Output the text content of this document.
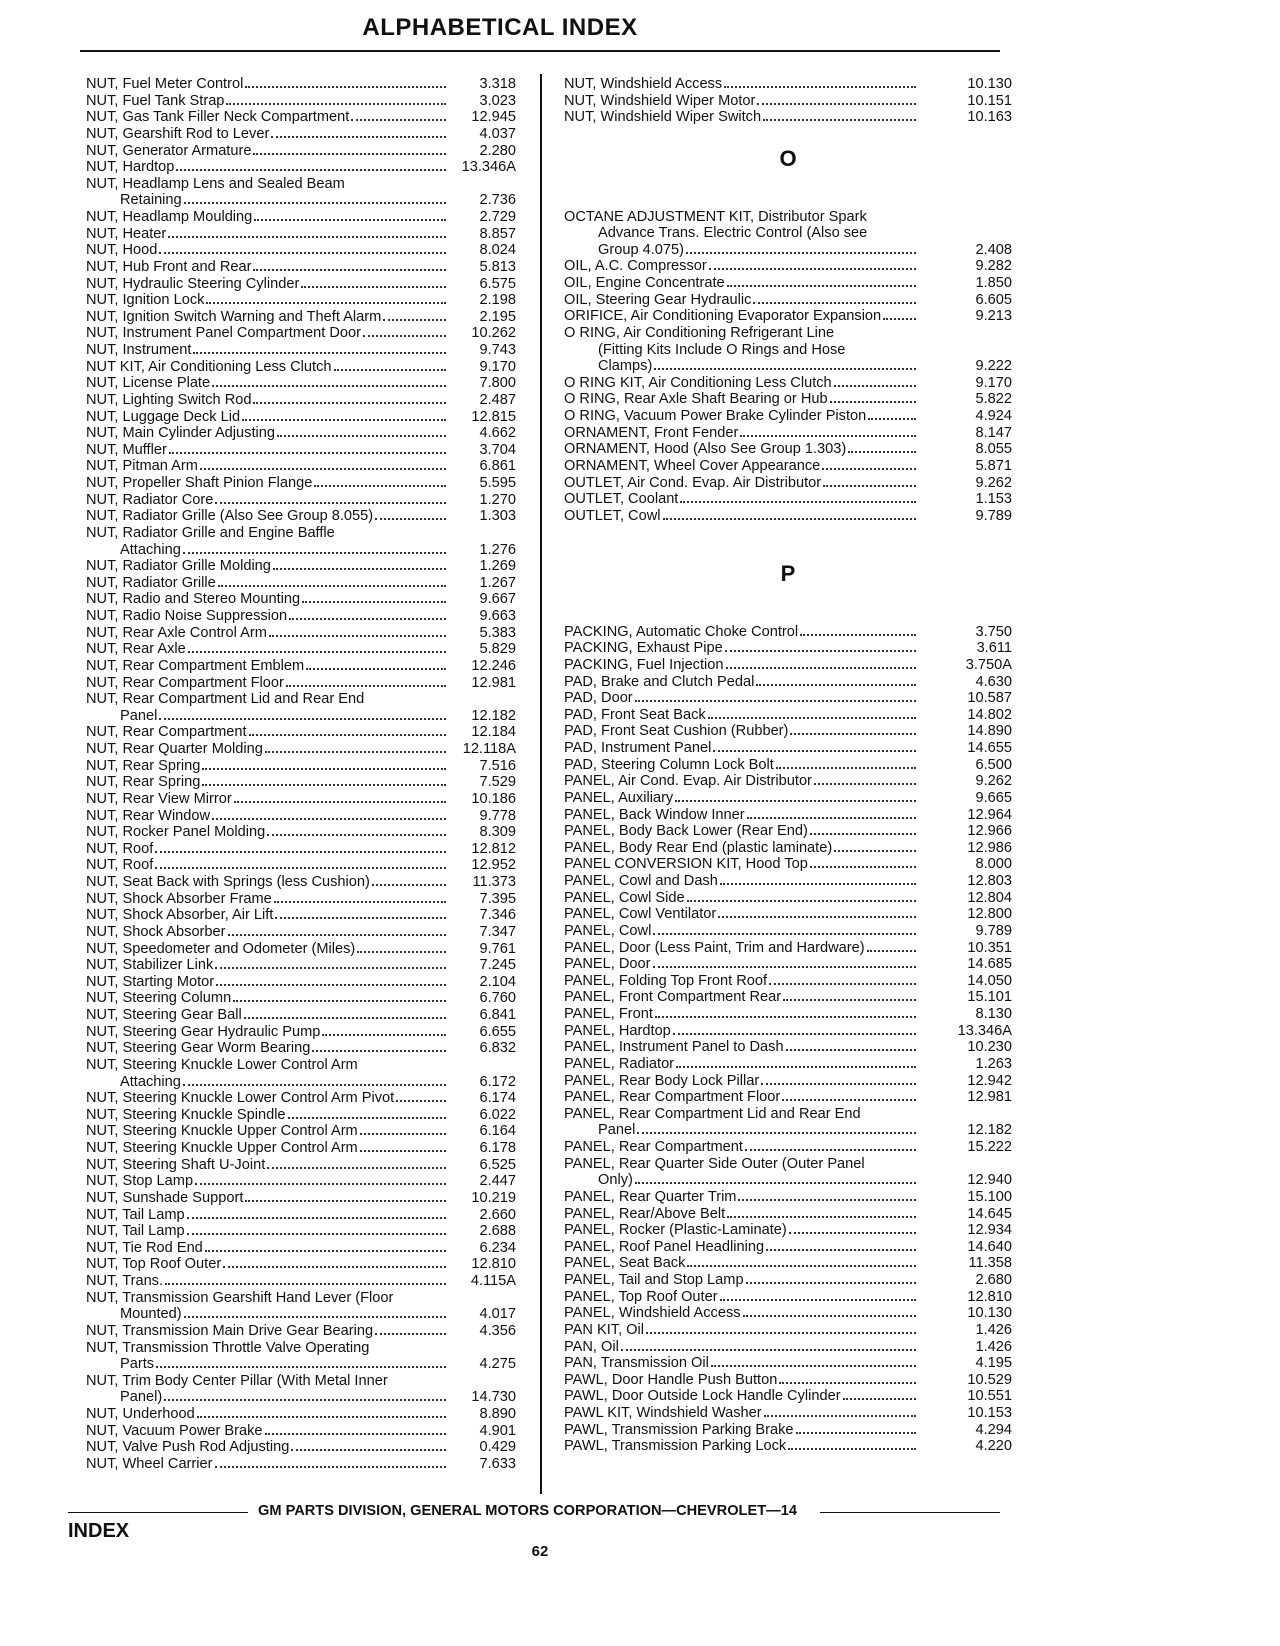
ALPHABETICAL INDEX
NUT, Fuel Meter Control	3.318
NUT, Fuel Tank Strap	3.023
NUT, Gas Tank Filler Neck Compartment	12.945
NUT, Gearshift Rod to Lever	4.037
NUT, Generator Armature	2.280
NUT, Hardtop	13.346A
NUT, Headlamp Lens and Sealed Beam
Retaining	2.736
NUT, Headlamp Moulding	2.729
NUT, Heater	8.857
NUT, Hood	8.024
NUT, Hub Front and Rear	5.813
NUT, Hydraulic Steering Cylinder	6.575
NUT, Ignition Lock	2.198
NUT, Ignition Switch Warning and Theft Alarm	2.195
NUT, Instrument Panel Compartment Door	10.262
NUT, Instrument	9.743
NUT KIT, Air Conditioning Less Clutch	9.170
NUT, License Plate	7.800
NUT, Lighting Switch Rod	2.487
NUT, Luggage Deck Lid	12.815
NUT, Main Cylinder Adjusting	4.662
NUT, Muffler	3.704
NUT, Pitman Arm	6.861
NUT, Propeller Shaft Pinion Flange	5.595
NUT, Radiator Core	1.270
NUT, Radiator Grille (Also See Group 8.055)	1.303
NUT, Radiator Grille and Engine Baffle
Attaching	1.276
NUT, Radiator Grille Molding	1.269
NUT, Radiator Grille	1.267
NUT, Radio and Stereo Mounting	9.667
NUT, Radio Noise Suppression	9.663
NUT, Rear Axle Control Arm	5.383
NUT, Rear Axle	5.829
NUT, Rear Compartment Emblem	12.246
NUT, Rear Compartment Floor	12.981
NUT, Rear Compartment Lid and Rear End
Panel	12.182
NUT, Rear Compartment	12.184
NUT, Rear Quarter Molding	12.118A
NUT, Rear Spring	7.516
NUT, Rear Spring	7.529
NUT, Rear View Mirror	10.186
NUT, Rear Window	9.778
NUT, Rocker Panel Molding	8.309
NUT, Roof	12.812
NUT, Roof	12.952
NUT, Seat Back with Springs (less Cushion)	11.373
NUT, Shock Absorber Frame	7.395
NUT, Shock Absorber, Air Lift	7.346
NUT, Shock Absorber	7.347
NUT, Speedometer and Odometer (Miles)	9.761
NUT, Stabilizer Link	7.245
NUT, Starting Motor	2.104
NUT, Steering Column	6.760
NUT, Steering Gear Ball	6.841
NUT, Steering Gear Hydraulic Pump	6.655
NUT, Steering Gear Worm Bearing	6.832
NUT, Steering Knuckle Lower Control Arm
Attaching	6.172
NUT, Steering Knuckle Lower Control Arm Pivot	6.174
NUT, Steering Knuckle Spindle	6.022
NUT, Steering Knuckle Upper Control Arm	6.164
NUT, Steering Knuckle Upper Control Arm	6.178
NUT, Steering Shaft U-Joint	6.525
NUT, Stop Lamp	2.447
NUT, Sunshade Support	10.219
NUT, Tail Lamp	2.660
NUT, Tail Lamp	2.688
NUT, Tie Rod End	6.234
NUT, Top Roof Outer	12.810
NUT, Trans.	4.115A
NUT, Transmission Gearshift Hand Lever (Floor
Mounted)	4.017
NUT, Transmission Main Drive Gear Bearing	4.356
NUT, Transmission Throttle Valve Operating
Parts	4.275
NUT, Trim Body Center Pillar (With Metal Inner
Panel)	14.730
NUT, Underhood	8.890
NUT, Vacuum Power Brake	4.901
NUT, Valve Push Rod Adjusting	0.429
NUT, Wheel Carrier	7.633
NUT, Windshield Access	10.130
NUT, Windshield Wiper Motor	10.151
NUT, Windshield Wiper Switch	10.163
O
OCTANE ADJUSTMENT KIT, Distributor Spark
Advance Trans. Electric Control (Also see
Group 4.075)	2.408
OIL, A.C. Compressor	9.282
OIL, Engine Concentrate	1.850
OIL, Steering Gear Hydraulic	6.605
ORIFICE, Air Conditioning Evaporator Expansion	9.213
O RING, Air Conditioning Refrigerant Line
(Fitting Kits Include O Rings and Hose
Clamps)	9.222
O RING KIT, Air Conditioning Less Clutch	9.170
O RING, Rear Axle Shaft Bearing or Hub	5.822
O RING, Vacuum Power Brake Cylinder Piston	4.924
ORNAMENT, Front Fender	8.147
ORNAMENT, Hood (Also See Group 1.303)	8.055
ORNAMENT, Wheel Cover Appearance	5.871
OUTLET, Air Cond. Evap. Air Distributor	9.262
OUTLET, Coolant	1.153
OUTLET, Cowl	9.789
P
PACKING, Automatic Choke Control	3.750
PACKING, Exhaust Pipe	3.611
PACKING, Fuel Injection	3.750A
PAD, Brake and Clutch Pedal	4.630
PAD, Door	10.587
PAD, Front Seat Back	14.802
PAD, Front Seat Cushion (Rubber)	14.890
PAD, Instrument Panel	14.655
PAD, Steering Column Lock Bolt	6.500
PANEL, Air Cond. Evap. Air Distributor	9.262
PANEL, Auxiliary	9.665
PANEL, Back Window Inner	12.964
PANEL, Body Back Lower (Rear End)	12.966
PANEL, Body Rear End (plastic laminate)	12.986
PANEL CONVERSION KIT, Hood Top	8.000
PANEL, Cowl and Dash	12.803
PANEL, Cowl Side	12.804
PANEL, Cowl Ventilator	12.800
PANEL, Cowl	9.789
PANEL, Door (Less Paint, Trim and Hardware)	10.351
PANEL, Door	14.685
PANEL, Folding Top Front Roof	14.050
PANEL, Front Compartment Rear	15.101
PANEL, Front	8.130
PANEL, Hardtop	13.346A
PANEL, Instrument Panel to Dash	10.230
PANEL, Radiator	1.263
PANEL, Rear Body Lock Pillar	12.942
PANEL, Rear Compartment Floor	12.981
PANEL, Rear Compartment Lid and Rear End
Panel	12.182
PANEL, Rear Compartment	15.222
PANEL, Rear Quarter Side Outer (Outer Panel
Only)	12.940
PANEL, Rear Quarter Trim	15.100
PANEL, Rear/Above Belt	14.645
PANEL, Rocker (Plastic-Laminate)	12.934
PANEL, Roof Panel Headlining	14.640
PANEL, Seat Back	11.358
PANEL, Tail and Stop Lamp	2.680
PANEL, Top Roof Outer	12.810
PANEL, Windshield Access	10.130
PAN KIT, Oil	1.426
PAN, Oil	1.426
PAN, Transmission Oil	4.195
PAWL, Door Handle Push Button	10.529
PAWL, Door Outside Lock Handle Cylinder	10.551
PAWL KIT, Windshield Washer	10.153
PAWL, Transmission Parking Brake	4.294
PAWL, Transmission Parking Lock	4.220
GM PARTS DIVISION, GENERAL MOTORS CORPORATION—CHEVROLET—14
INDEX
62
